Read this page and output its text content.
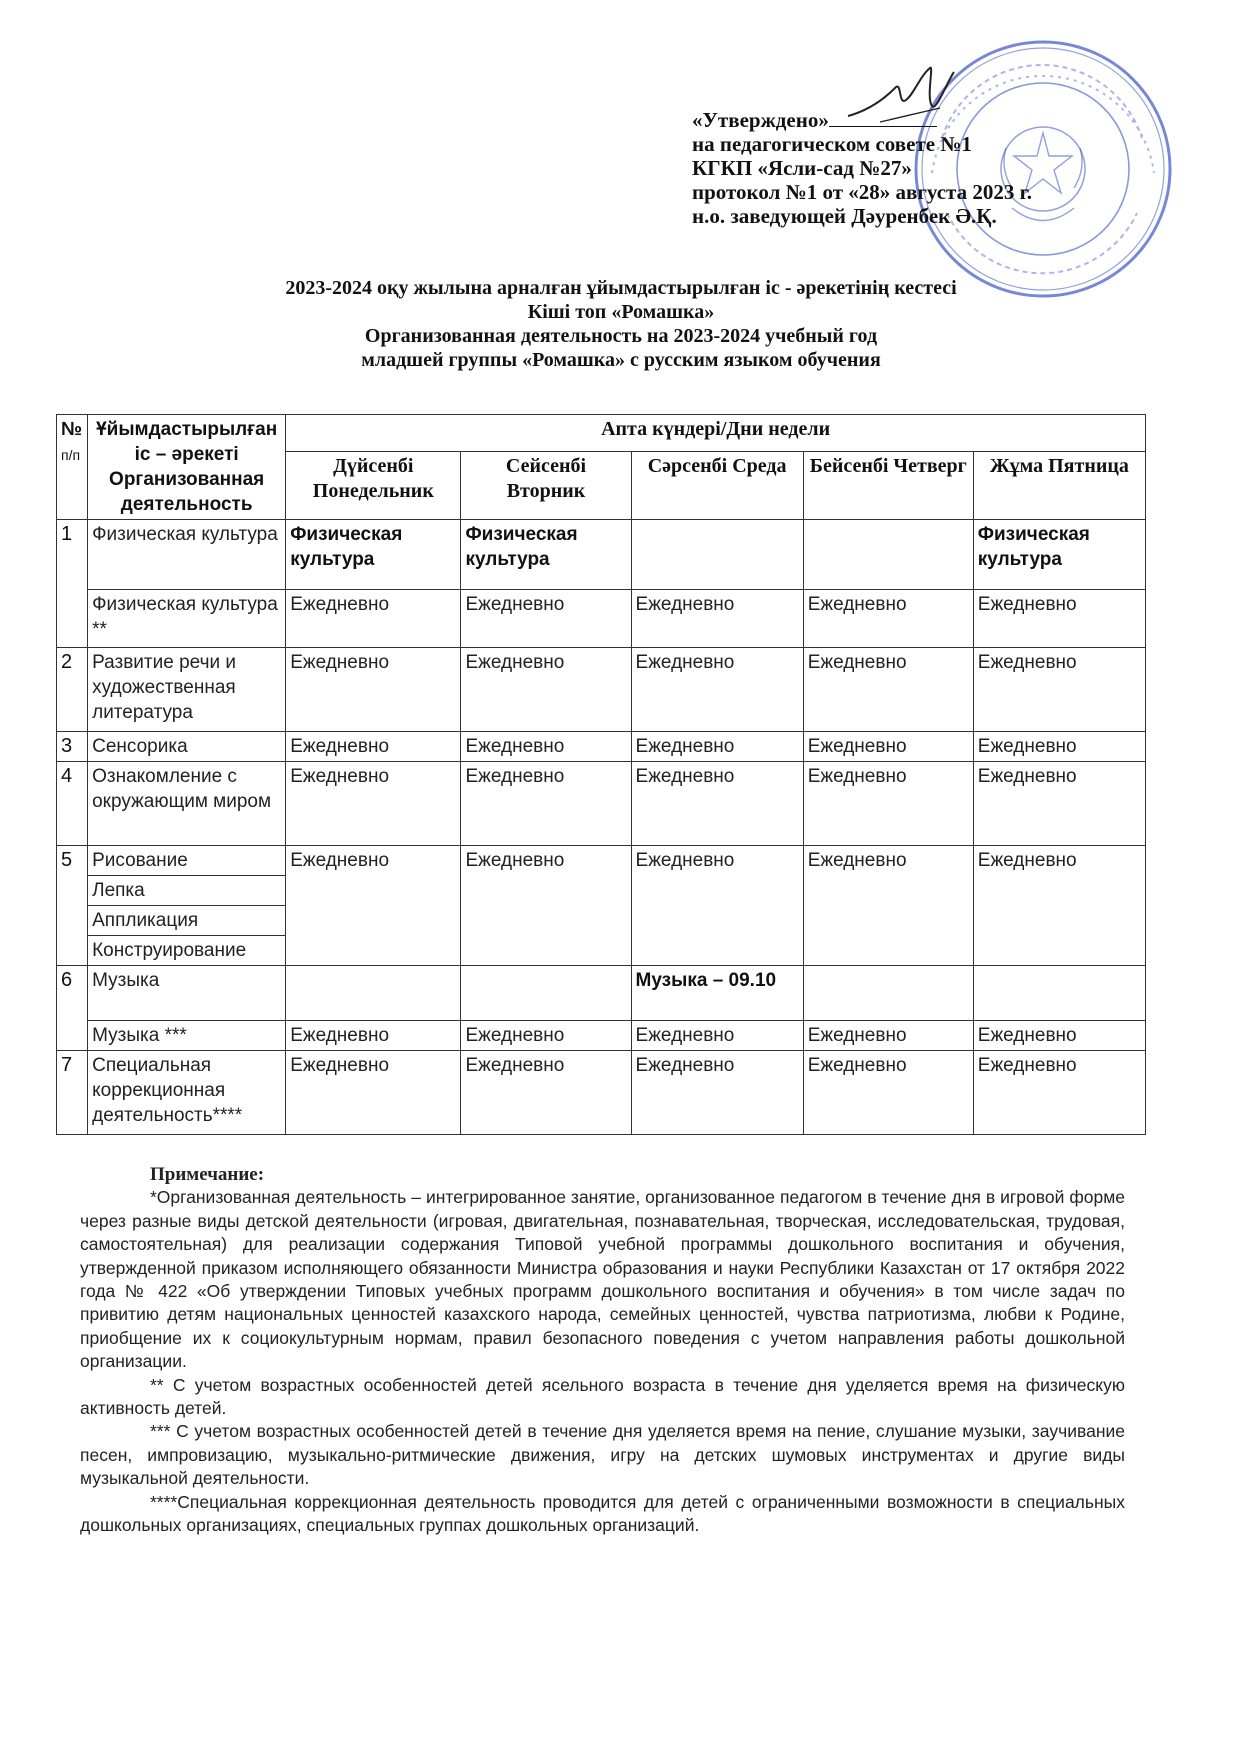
«Утверждено»
на педагогическом совете №1
КГКП «Ясли-сад №27»
протокол №1 от «28» августа 2023 г.
н.о. заведующей Дәуренбек Ә.Қ.
2023-2024 оқу жылына арналған ұйымдастырылған іс - әрекетінің кестесі
Кіші топ «Ромашка»
Организованная деятельность на 2023-2024 учебный год
младшей группы «Ромашка» с русским языком обучения
№
п/п	Ұйымдастырылған іс – әрекеті Организованная деятельность	Апта күндері/Дни недели				
		Дүйсенбі Понедельник	Сейсенбі Вторник	Сәрсенбі Среда	Бейсенбі Четверг	Жұма Пятница
1	Физическая культура	Физическая культура	Физическая культура			Физическая культура
	Физическая культура **	Ежедневно	Ежедневно	Ежедневно	Ежедневно	Ежедневно
2	Развитие речи и художественная литература	Ежедневно	Ежедневно	Ежедневно	Ежедневно	Ежедневно
3	Сенсорика	Ежедневно	Ежедневно	Ежедневно	Ежедневно	Ежедневно
4	Ознакомление с окружающим миром	Ежедневно	Ежедневно	Ежедневно	Ежедневно	Ежедневно
5	Рисование	Ежедневно	Ежедневно	Ежедневно	Ежедневно	Ежедневно
	Лепка					
	Аппликация					
	Конструирование					
6	Музыка			Музыка – 09.10		
	Музыка ***	Ежедневно	Ежедневно	Ежедневно	Ежедневно	Ежедневно
7	Специальная коррекционная деятельность****	Ежедневно	Ежедневно	Ежедневно	Ежедневно	Ежедневно
Примечание:

*Организованная деятельность – интегрированное занятие, организованное педагогом в течение дня в игровой форме через разные виды детской деятельности (игровая, двигательная, познавательная, творческая, исследовательская, трудовая, самостоятельная) для реализации содержания Типовой учебной программы дошкольного воспитания и обучения, утвержденной приказом исполняющего обязанности Министра образования и науки Республики Казахстан от 17 октября 2022 года № 422 «Об утверждении Типовых учебных программ дошкольного воспитания и обучения» в том числе задач по привитию детям национальных ценностей казахского народа, семейных ценностей, чувства патриотизма, любви к Родине, приобщение их к социокультурным нормам, правил безопасного поведения с учетом направления работы дошкольной организации.

** С учетом возрастных особенностей детей ясельного возраста в течение дня уделяется время на физическую активность детей.

*** С учетом возрастных особенностей детей в течение дня уделяется время на пение, слушание музыки, заучивание песен, импровизацию, музыкально-ритмические движения, игру на детских шумовых инструментах и другие виды музыкальной деятельности.

****Специальная коррекционная деятельность проводится для детей с ограниченными возможности в специальных дошкольных организациях, специальных группах дошкольных организаций.
